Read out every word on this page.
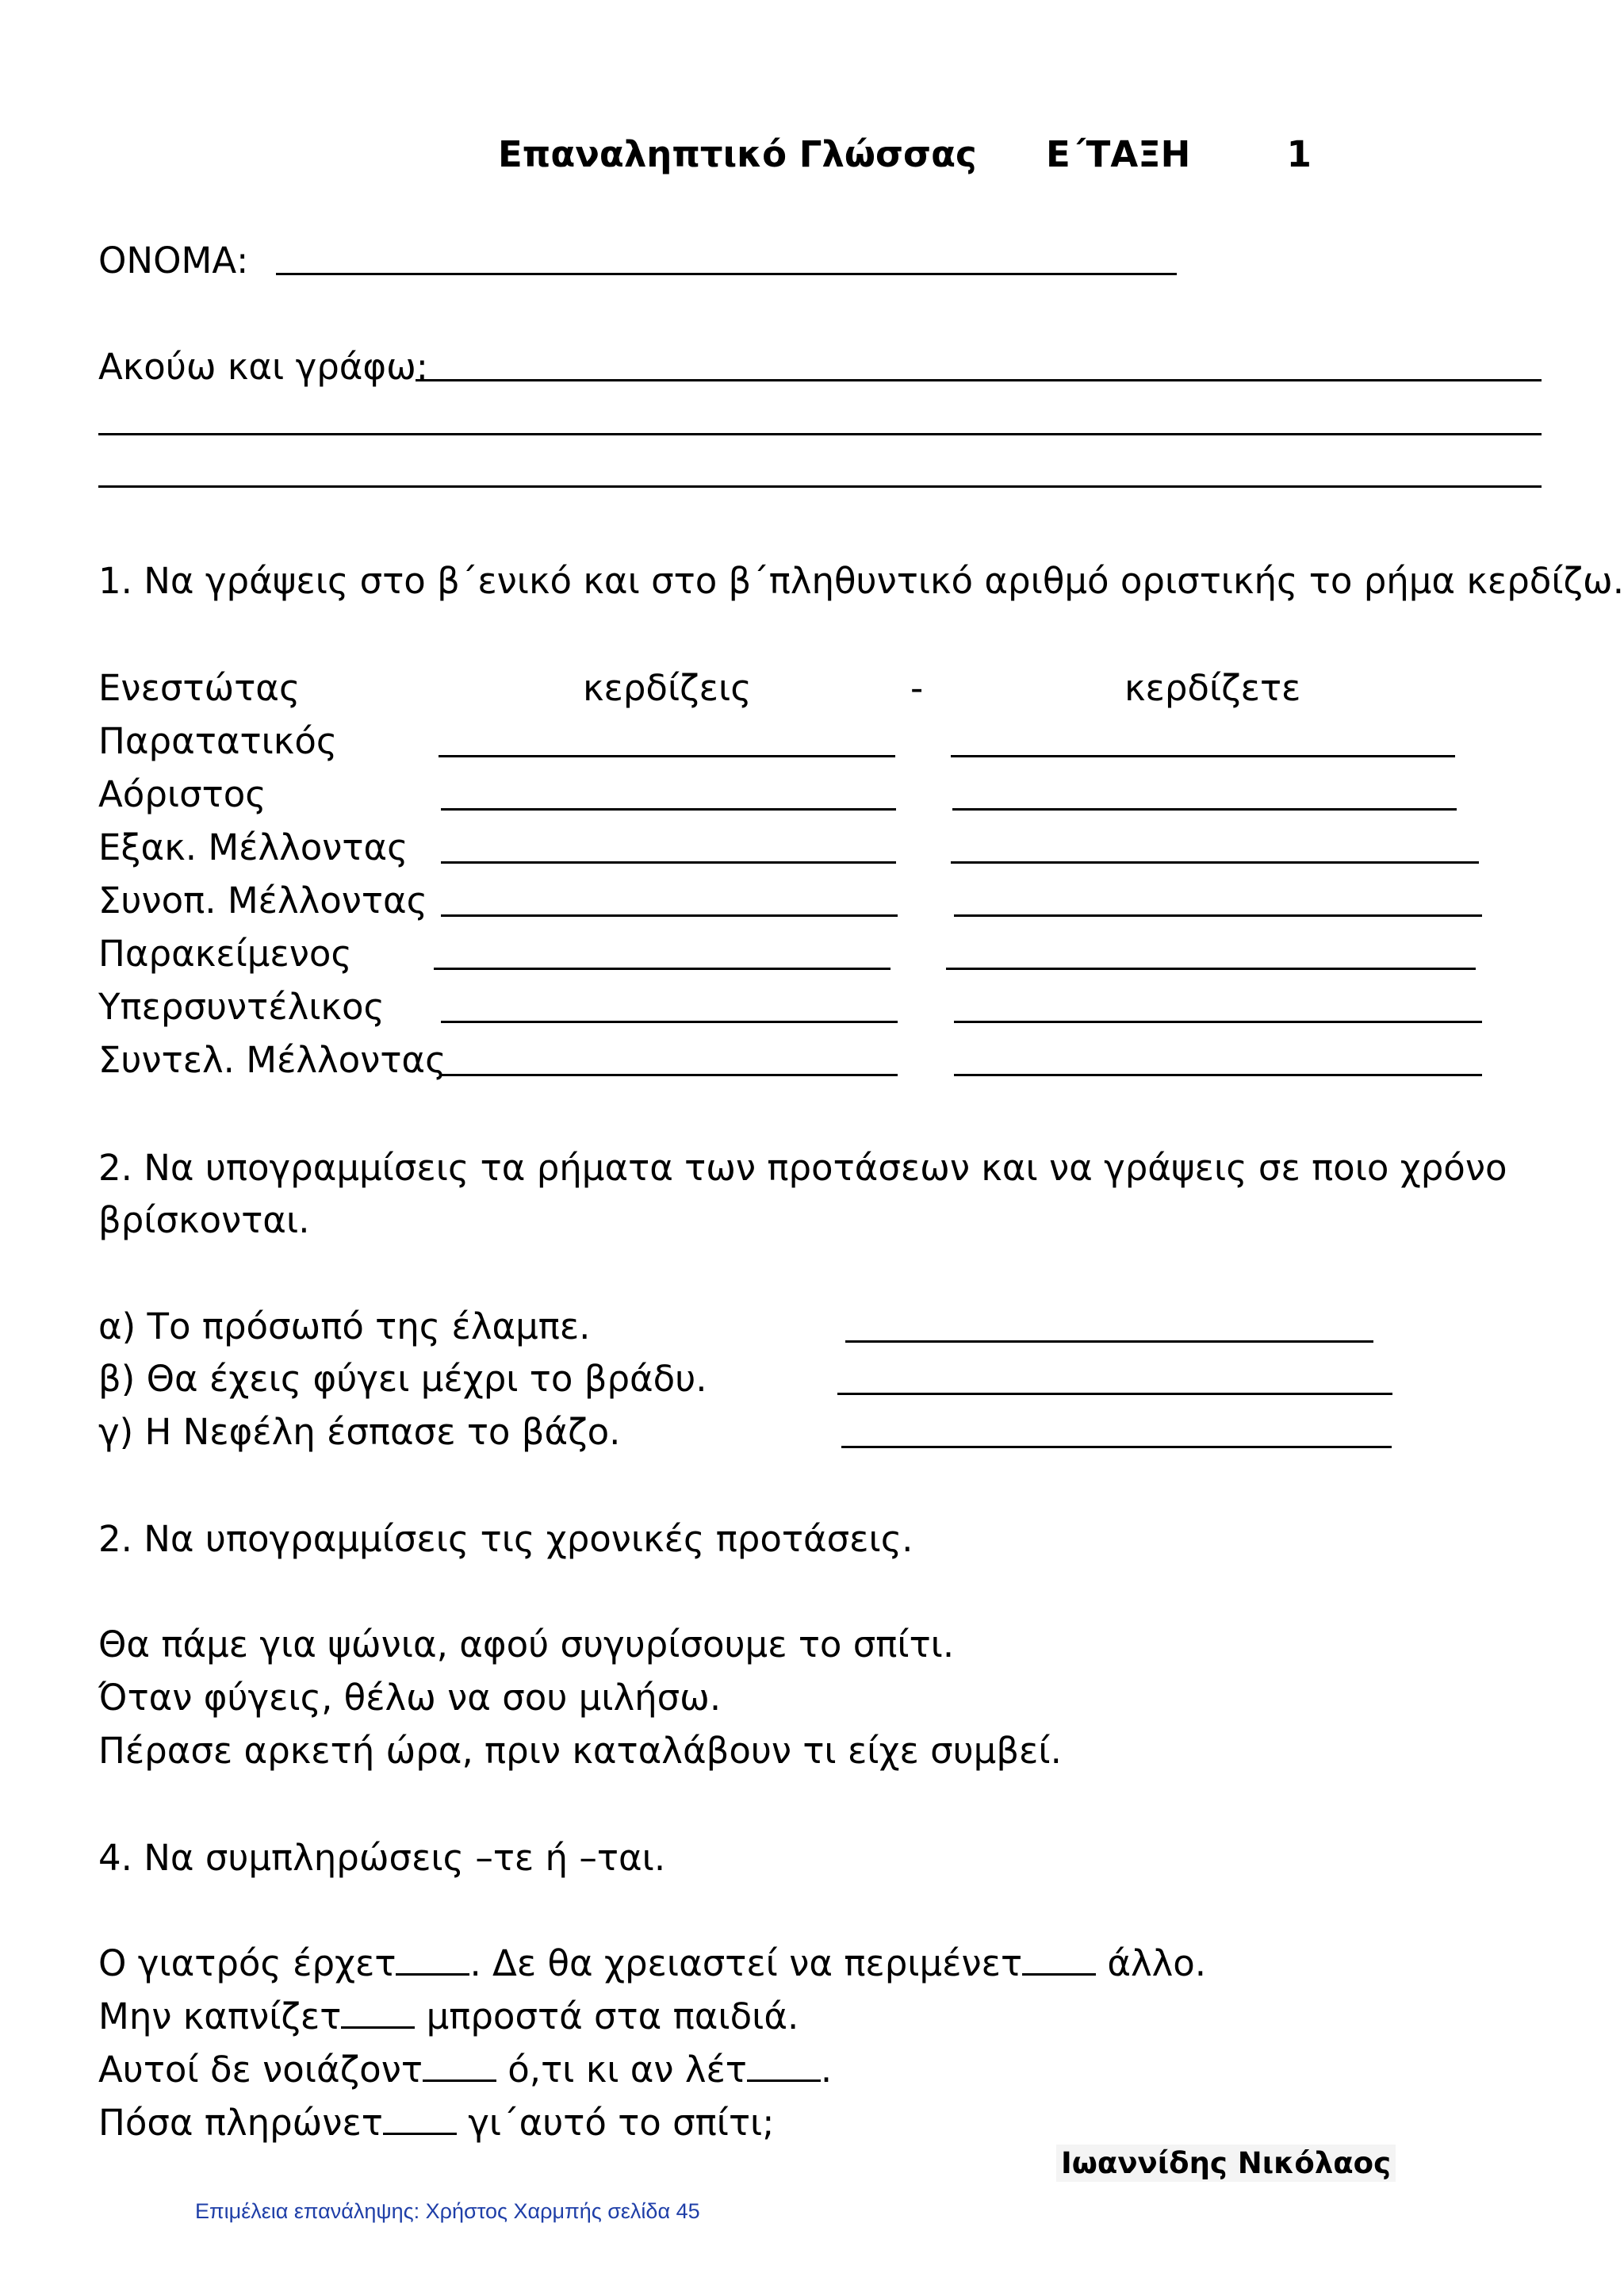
Επαναληπτικό Γλώσσας Ε΄ΤΑΞΗ	1
ΟΝΟΜΑ:
Ακούω και γράφω:
1. Να γράψεις στο β΄ενικό και στο β΄πληθυντικό αριθμό οριστικής το ρήμα κερδίζω.
Ενεστώτας	κερδίζεις	-	κερδίζετε
Παρατατικός
Αόριστος
Εξακ. Μέλλοντας
Συνοπ. Μέλλοντας
Παρακείμενος
Υπερσυντέλικος
Συντελ. Μέλλοντας
2. Να υπογραμμίσεις τα ρήματα των προτάσεων και να γράψεις σε ποιο χρόνο
βρίσκονται.
α) Το πρόσωπό της έλαμπε.
β) Θα έχεις φύγει μέχρι το βράδυ.
γ) Η Νεφέλη έσπασε το βάζο.
2. Να υπογραμμίσεις τις χρονικές προτάσεις.
Θα πάμε για ψώνια, αφού συγυρίσουμε το σπίτι.
Όταν φύγεις, θέλω να σου μιλήσω.
Πέρασε αρκετή ώρα, πριν καταλάβουν τι είχε συμβεί.
4. Να συμπληρώσεις –τε ή –ται.
Ο γιατρός έρχετ . Δε θα χρειαστεί να περιμένετ άλλο.
Μην καπνίζετ μπροστά στα παιδιά.
Αυτοί δε νοιάζοντ ό,τι κι αν λέτ .
Πόσα πληρώνετ γι΄αυτό το σπίτι;
Ιωαννίδης Νικόλαος
Επιμέλεια επανάληψης: Χρήστος Χαρμπής σελίδα 45
